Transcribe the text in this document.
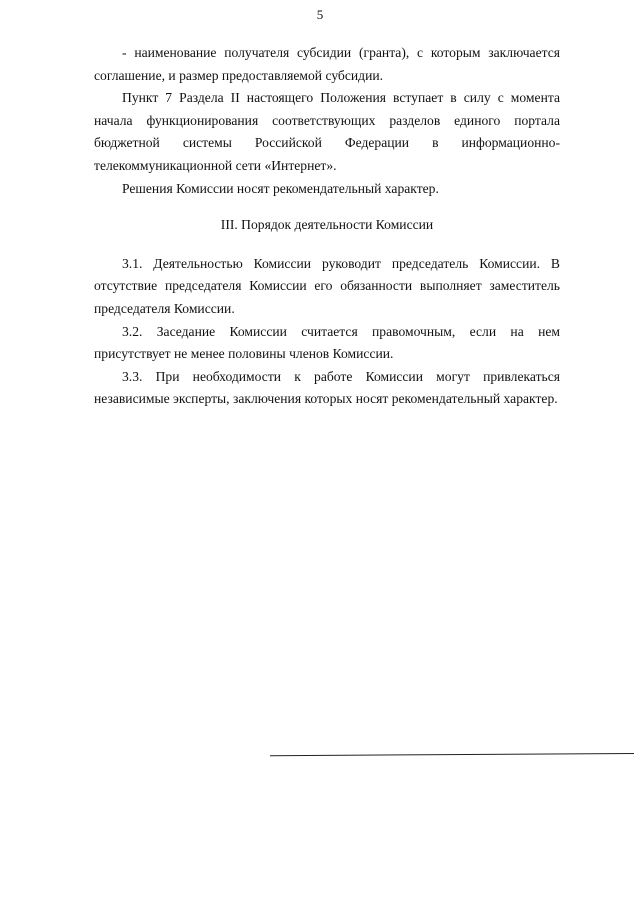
5

- наименование получателя субсидии (гранта), с которым заключается соглашение, и размер предоставляемой субсидии.

Пункт 7 Раздела II настоящего Положения вступает в силу с момента начала функционирования соответствующих разделов единого портала бюджетной системы Российской Федерации в информационно-телекоммуникационной сети «Интернет».

Решения Комиссии носят рекомендательный характер.

III. Порядок деятельности Комиссии

3.1. Деятельностью Комиссии руководит председатель Комиссии. В отсутствие председателя Комиссии его обязанности выполняет заместитель председателя Комиссии.

3.2. Заседание Комиссии считается правомочным, если на нем присутствует не менее половины членов Комиссии.

3.3. При необходимости к работе Комиссии могут привлекаться независимые эксперты, заключения которых носят рекомендательный характер.
